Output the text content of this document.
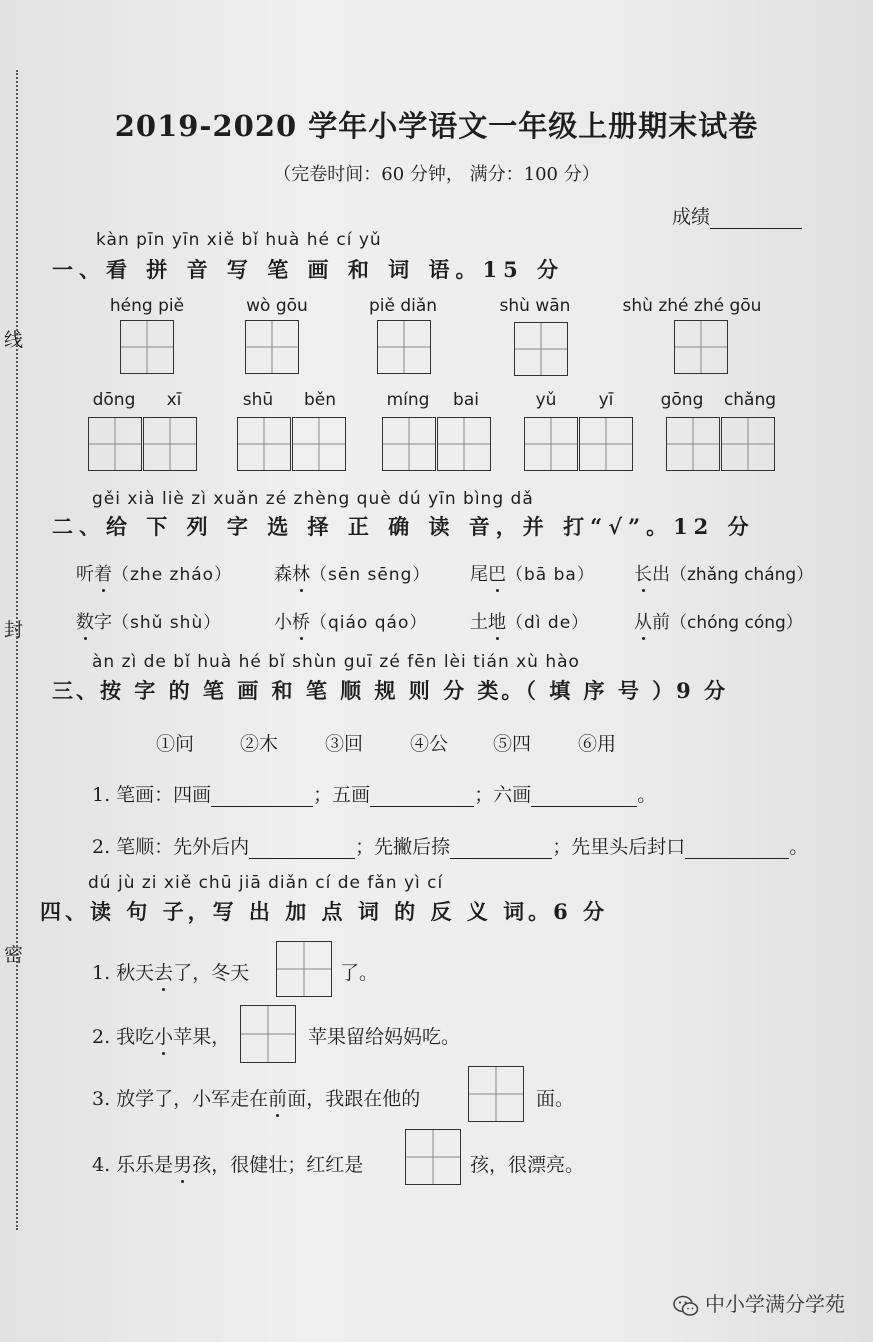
线
封
密
2019-2020 学年小学语文一年级上册期末试卷
（完卷时间：60 分钟， 满分：100 分）
成绩
kàn pīn yīn xiě bǐ huà hé cí yǔ
一、看 拼 音 写 笔 画 和 词 语。15 分
héng piě	wò gōu	piě diǎn	shù wān	shù zhé zhé gōu
dōng	xī	shū	běn	míng	bai	yǔ	yī	gōng	chǎng
gěi xià liè zì xuǎn zé zhèng què dú yīn bìng dǎ
二、给 下 列 字 选 择 正 确 读 音，并 打“√”。12 分
听着（zhe zháo） 森林（sēn sēng） 尾巴（bā ba） 长出（zhǎng cháng）
数字（shǔ shù）	小桥（qiáo qáo） 土地（dì de） 从前（chóng cóng）
àn zì de bǐ huà hé bǐ shùn guī zé fēn lèi tián xù hào
三、按 字 的 笔 画 和 笔 顺 规 则 分 类。（ 填 序 号 ）9 分
①问 ②木 ③回 ④公 ⑤四 ⑥用
1. 笔画：四画	；五画	；六画	。
2. 笔顺：先外后内	；先撇后捺	；先里头后封口	。
dú jù zi xiě chū jiā diǎn cí de fǎn yì cí
四、读 句 子，写 出 加 点 词 的 反 义 词。6 分
1. 秋天去了，冬天	了。
2. 我吃小苹果，	苹果留给妈妈吃。
3. 放学了，小军走在前面，我跟在他的	面。
4. 乐乐是男孩，很健壮；红红是	孩，很漂亮。
中小学满分学苑
